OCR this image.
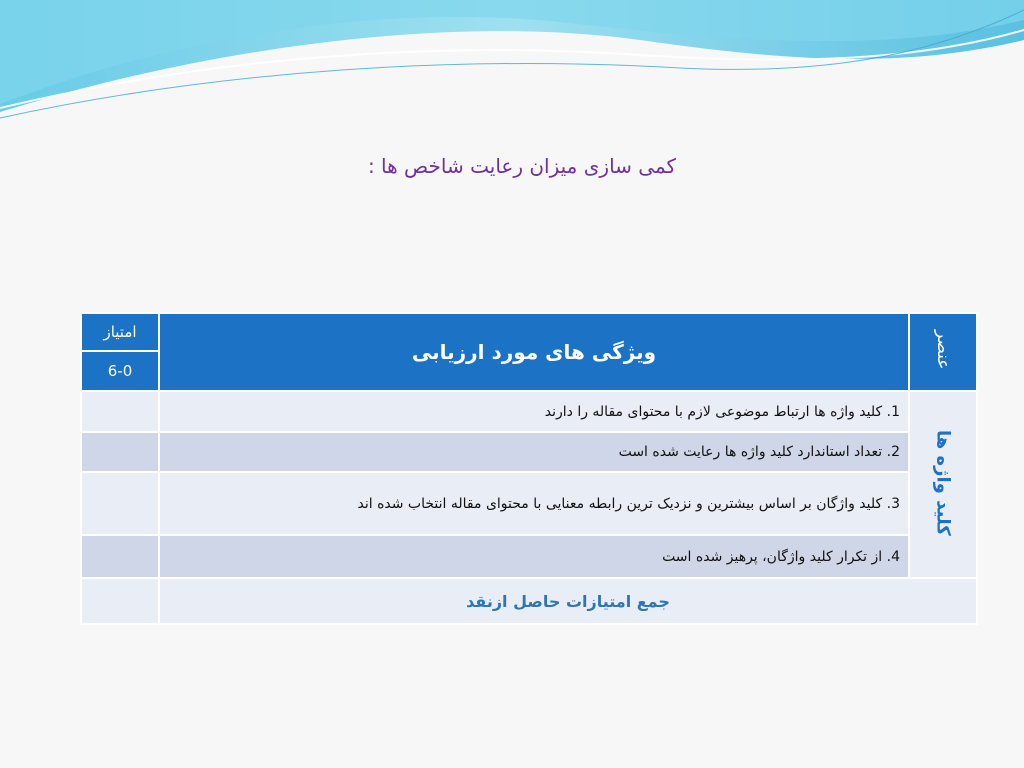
کمی سازی میزان رعایت شاخص ها :
امتیاز
6-0	ویژگی های مورد ارزیابی	عنصر
	1. کلید واژه ها ارتباط موضوعی لازم با محتوای مقاله را دارند	کلید واژه ها
	2. تعداد استاندارد کلید واژه ها رعایت شده است	
	3. کلید واژگان بر اساس بیشترین و نزدیک ترین رابطه معنایی با محتوای مقاله انتخاب شده اند	
	4. از تکرار کلید واژگان، پرهیز شده است	
	جمع امتیازات حاصل ازنقد	
